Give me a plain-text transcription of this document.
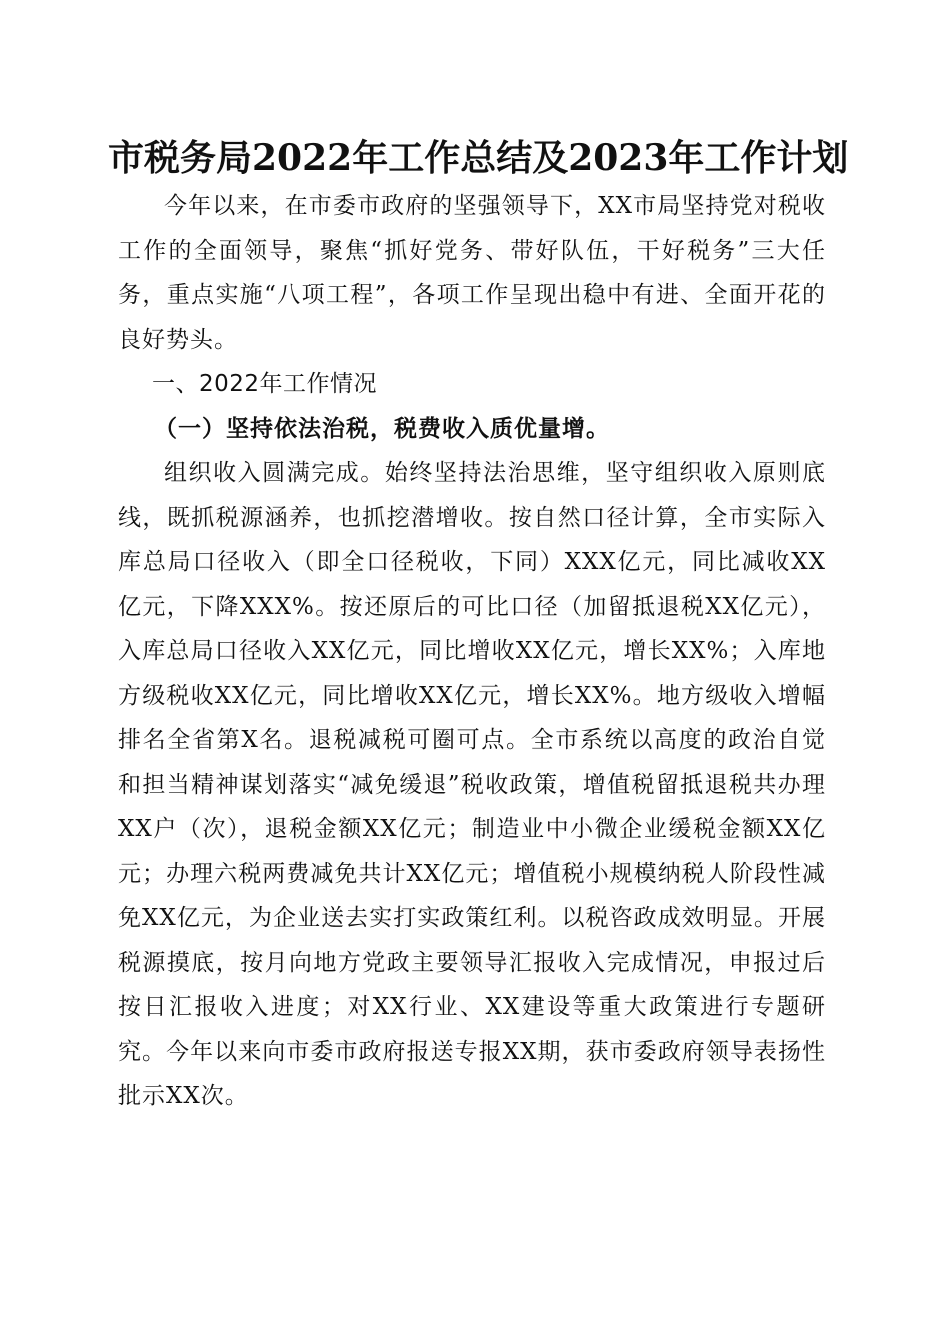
市税务局2022年工作总结及2023年工作计划

今年以来，在市委市政府的坚强领导下，XX市局坚持党对税收工作的全面领导，聚焦“抓好党务、带好队伍，干好税务”三大任务，重点实施“八项工程”，各项工作呈现出稳中有进、全面开花的良好势头。

一、2022年工作情况

（一）坚持依法治税，税费收入质优量增。

组织收入圆满完成。始终坚持法治思维，坚守组织收入原则底线，既抓税源涵养，也抓挖潜增收。按自然口径计算，全市实际入库总局口径收入（即全口径税收，下同）XXX亿元，同比减收XX亿元，下降XXX%。按还原后的可比口径（加留抵退税XX亿元），入库总局口径收入XX亿元，同比增收XX亿元，增长XX%；入库地方级税收XX亿元，同比增收XX亿元，增长XX%。地方级收入增幅排名全省第X名。退税减税可圈可点。全市系统以高度的政治自觉和担当精神谋划落实“减免缓退”税收政策，增值税留抵退税共办理XX户（次），退税金额XX亿元；制造业中小微企业缓税金额XX亿元；办理六税两费减免共计XX亿元；增值税小规模纳税人阶段性减免XX亿元，为企业送去实打实政策红利。以税咨政成效明显。开展税源摸底，按月向地方党政主要领导汇报收入完成情况，申报过后按日汇报收入进度；对XX行业、XX建设等重大政策进行专题研究。今年以来向市委市政府报送专报XX期，获市委政府领导表扬性批示XX次。
